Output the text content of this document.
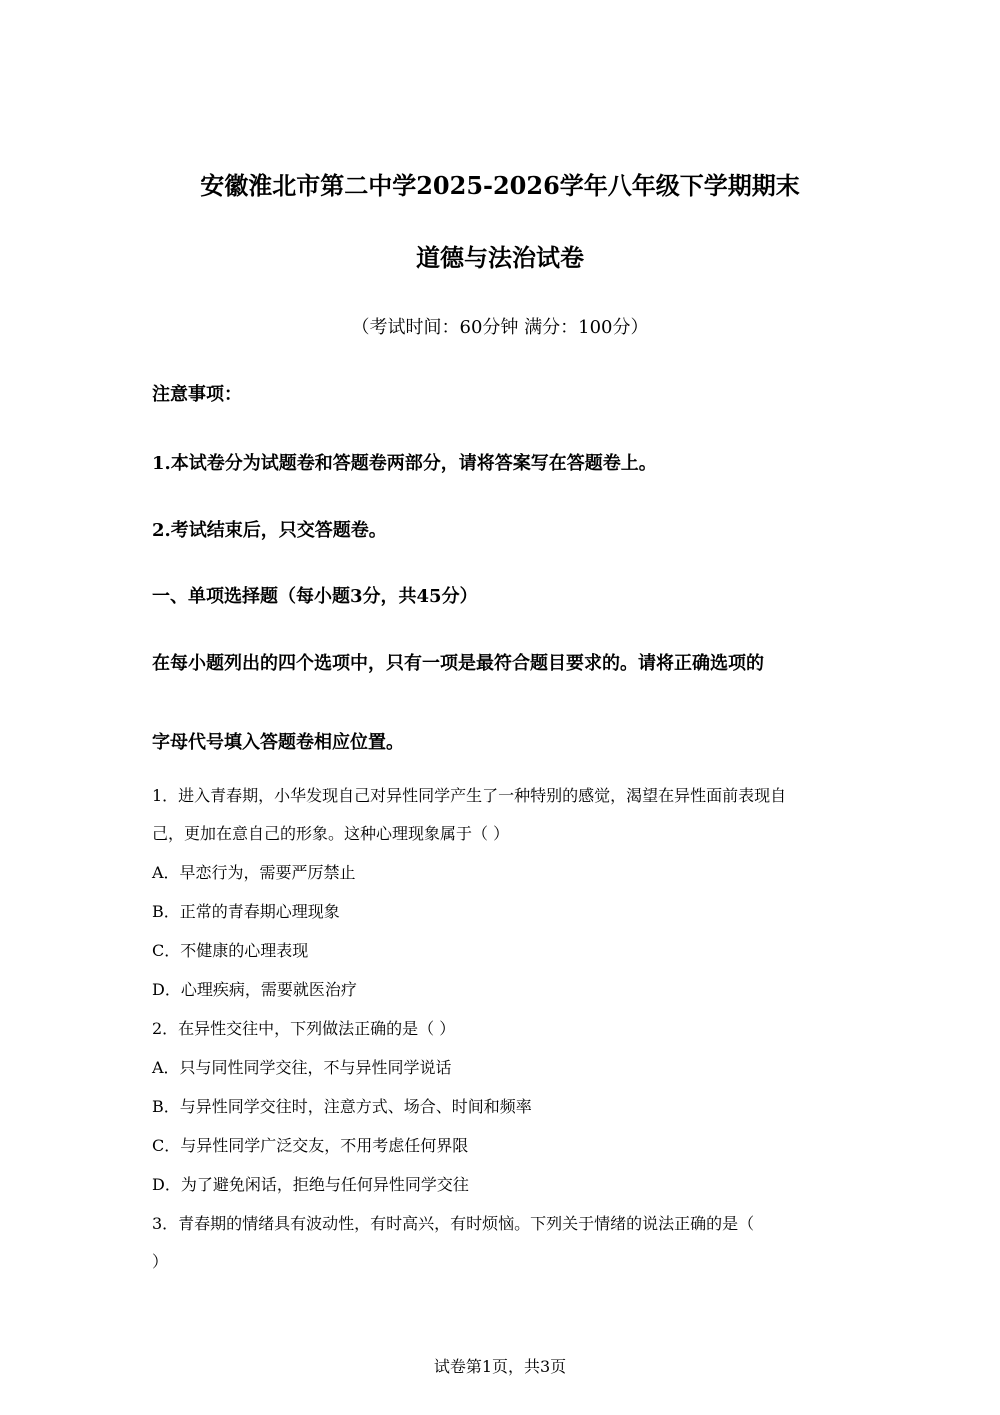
安徽淮北市第二中学2025-2026学年八年级下学期期末
道德与法治试卷
（考试时间：60分钟 满分：100分）
注意事项：
1.本试卷分为试题卷和答题卷两部分，请将答案写在答题卷上。
2.考试结束后，只交答题卷。
一、单项选择题（每小题3分，共45分）
在每小题列出的四个选项中，只有一项是最符合题目要求的。请将正确选项的
字母代号填入答题卷相应位置。
1．进入青春期，小华发现自己对异性同学产生了一种特别的感觉，渴望在异性面前表现自
己，更加在意自己的形象。这种心理现象属于（ ）
A．早恋行为，需要严厉禁止
B．正常的青春期心理现象
C．不健康的心理表现
D．心理疾病，需要就医治疗
2．在异性交往中，下列做法正确的是（ ）
A．只与同性同学交往，不与异性同学说话
B．与异性同学交往时，注意方式、场合、时间和频率
C．与异性同学广泛交友，不用考虑任何界限
D．为了避免闲话，拒绝与任何异性同学交往
3．青春期的情绪具有波动性，有时高兴，有时烦恼。下列关于情绪的说法正确的是（
）
试卷第1页，共3页
